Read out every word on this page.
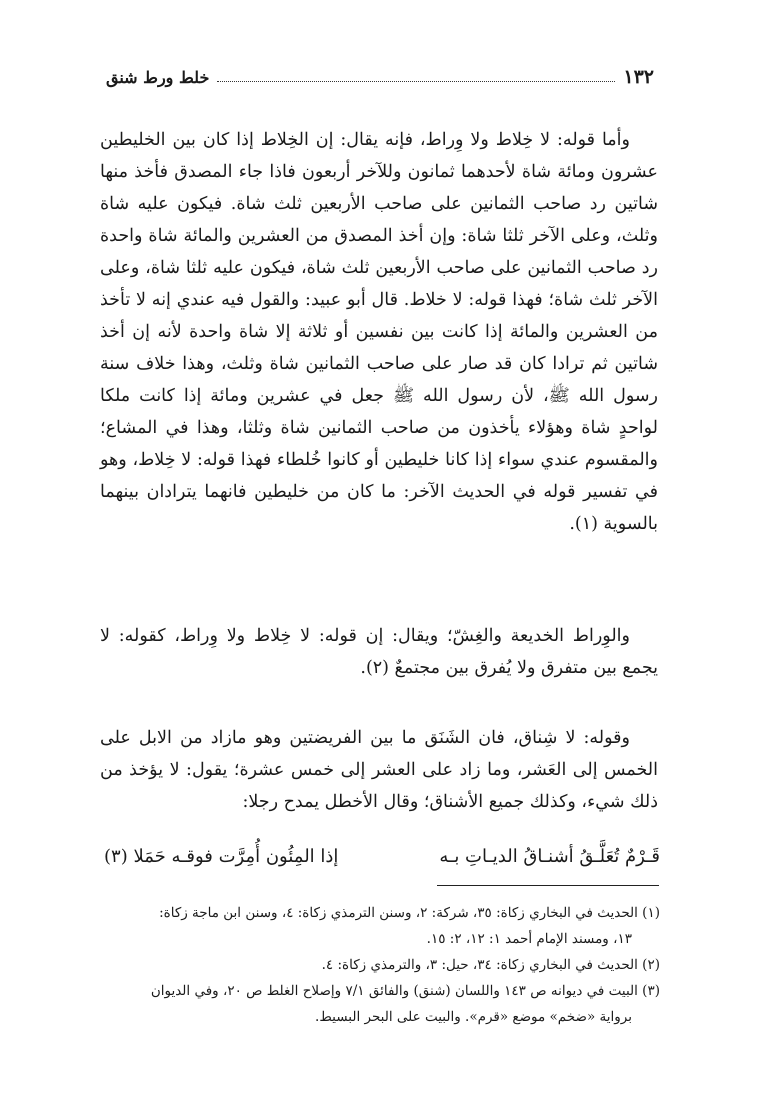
١٣٢
خلط ورط شنق

وأما قوله: لا خِلاط ولا وِراط، فإنه يقال: إن الخِلاط إذا كان بين الخليطين عشرون ومائة شاة لأحدهما ثمانون وللآخر أربعون فاذا جاء المصدق فأخذ منها شاتين رد صاحب الثمانين على صاحب الأربعين ثلث شاة. فيكون عليه شاة وثلث، وعلى الآخر ثلثا شاة: وإن أخذ المصدق من العشرين والمائة شاة واحدة رد صاحب الثمانين على صاحب الأربعين ثلث شاة، فيكون عليه ثلثا شاة، وعلى الآخر ثلث شاة؛ فهذا قوله: لا خلاط. قال أبو عبيد: والقول فيه عندي إنه لا تأخذ من العشرين والمائة إذا كانت بين نفسين أو ثلاثة إلا شاة واحدة لأنه إن أخذ شاتين ثم ترادا كان قد صار على صاحب الثمانين شاة وثلث، وهذا خلاف سنة رسول الله ﷺ، لأن رسول الله ﷺ جعل في عشرين ومائة إذا كانت ملكا لواحدٍ شاة وهؤلاء يأخذون من صاحب الثمانين شاة وثلثا، وهذا في المشاع؛ والمقسوم عندي سواء إذا كانا خليطين أو كانوا خُلطاء فهذا قوله: لا خِلاط، وهو في تفسير قوله في الحديث الآخر: ما كان من خليطين فانهما يترادان بينهما بالسوية (١).

والوِراط الخديعة والغِشّ؛ ويقال: إن قوله: لا خِلاط ولا وِراط، كقوله: لا يجمع بين متفرق ولا يُفرق بين مجتمعٌ (٢).

وقوله: لا شِناق، فان الشَنَق ما بين الفريضتين وهو مازاد من الابل على الخمس إلى العَشر، وما زاد على العشر إلى خمس عشرة؛ يقول: لا يؤخذ من ذلك شيء، وكذلك جميع الأشناق؛ وقال الأخطل يمدح رجلا:

قَـرْمٌ تُعَلَّـقُ أشنـاقُ الديـاتِ بـه
إذا المِئُون أُمِرَّت فوقـه حَمَلا (٣)

(١) الحديث في البخاري زكاة: ٣٥، شركة: ٢، وسنن الترمذي زكاة: ٤، وسنن ابن ماجة زكاة:

١٣، ومسند الإمام أحمد ١: ١٢، ٢: ١٥.

(٢) الحديث في البخاري زكاة: ٣٤، حيل: ٣، والترمذي زكاة: ٤.

(٣) البيت في ديوانه ص ١٤٣ واللسان (شنق) والفائق ٧/١ وإصلاح الغلط ص ٢٠، وفي الديوان

برواية «ضخم» موضع «قرم». والبيت على البحر البسيط.
